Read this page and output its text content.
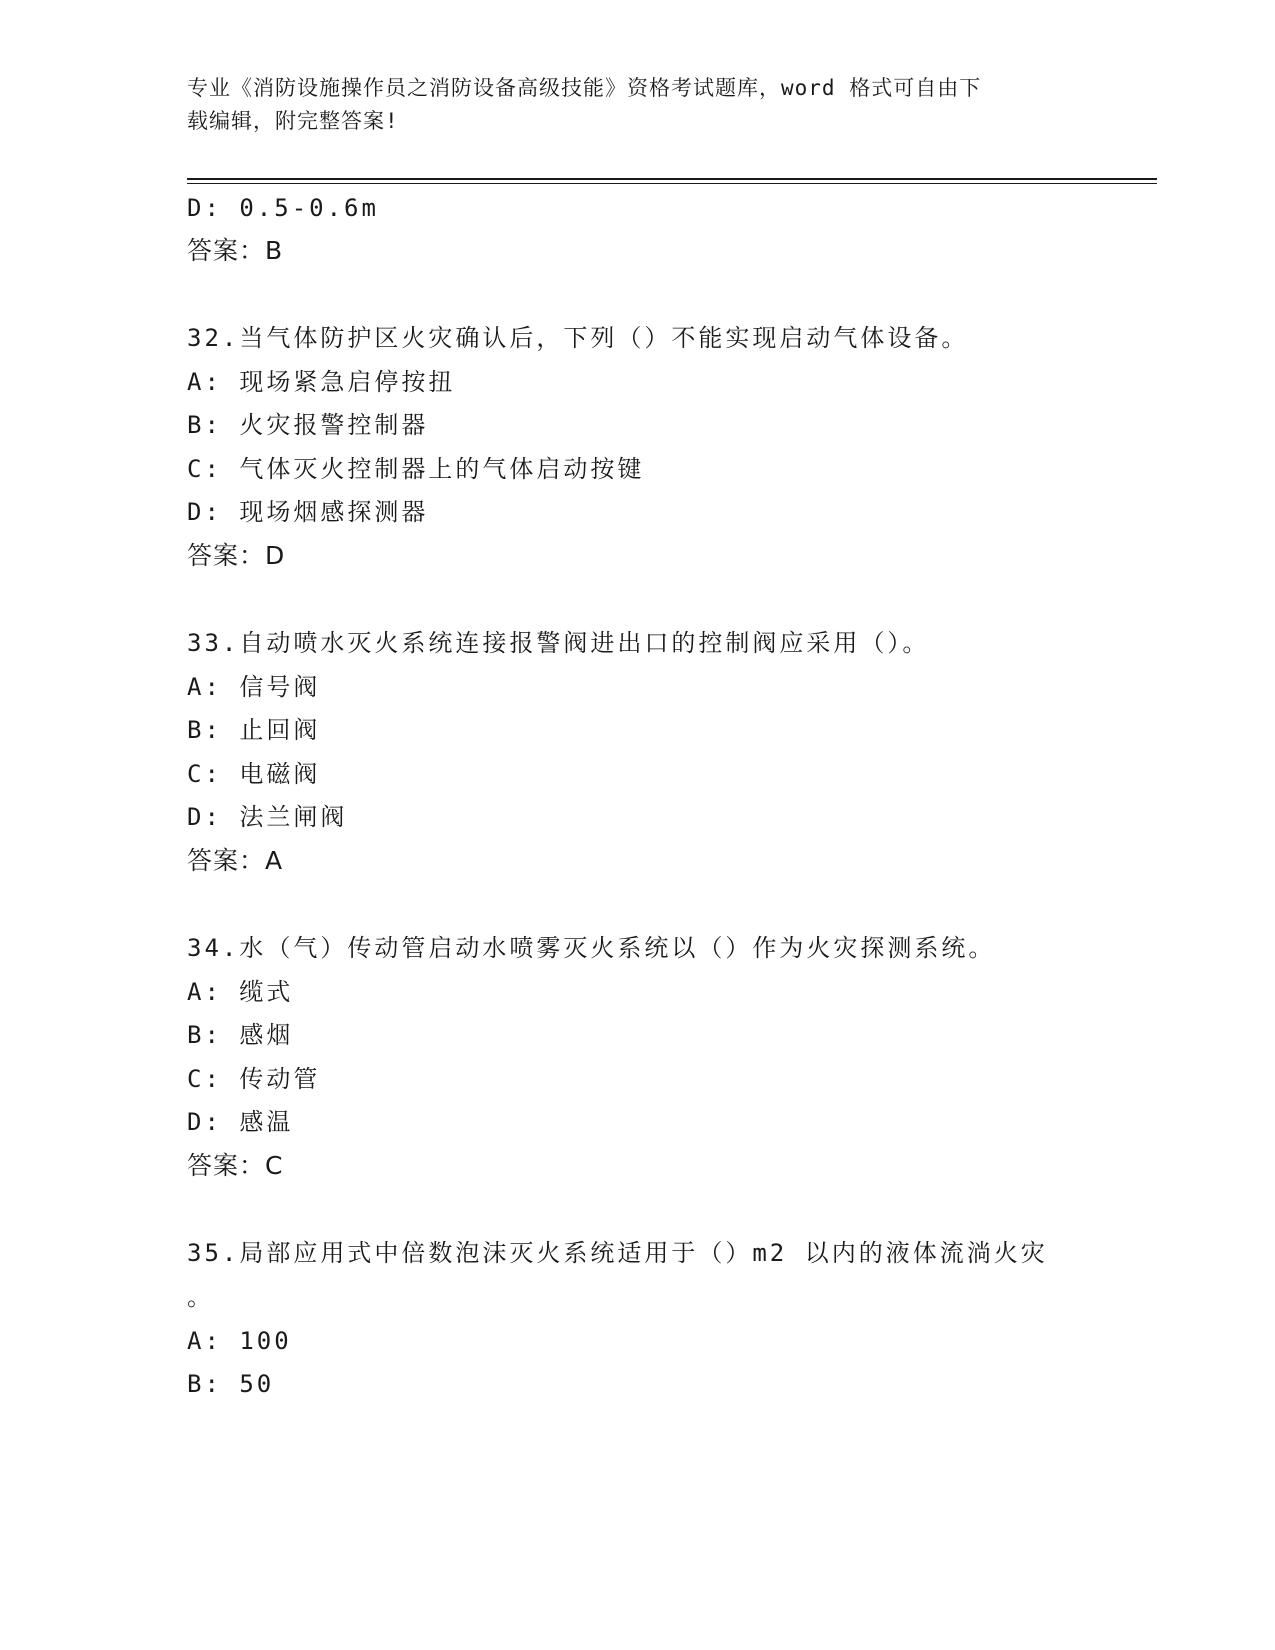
专业《消防设施操作员之消防设备高级技能》资格考试题库，word 格式可自由下
载编辑，附完整答案!
D: 0.5-0.6m
答案：B
32.当气体防护区火灾确认后，下列（）不能实现启动气体设备。
A: 现场紧急启停按扭
B: 火灾报警控制器
C: 气体灭火控制器上的气体启动按键
D: 现场烟感探测器
答案：D
33.自动喷水灭火系统连接报警阀进出口的控制阀应采用（）。
A: 信号阀
B: 止回阀
C: 电磁阀
D: 法兰闸阀
答案：A
34.水（气）传动管启动水喷雾灭火系统以（）作为火灾探测系统。
A: 缆式
B: 感烟
C: 传动管
D: 感温
答案：C
35.局部应用式中倍数泡沫灭火系统适用于（）m2 以内的液体流淌火灾
。
A: 100
B: 50
